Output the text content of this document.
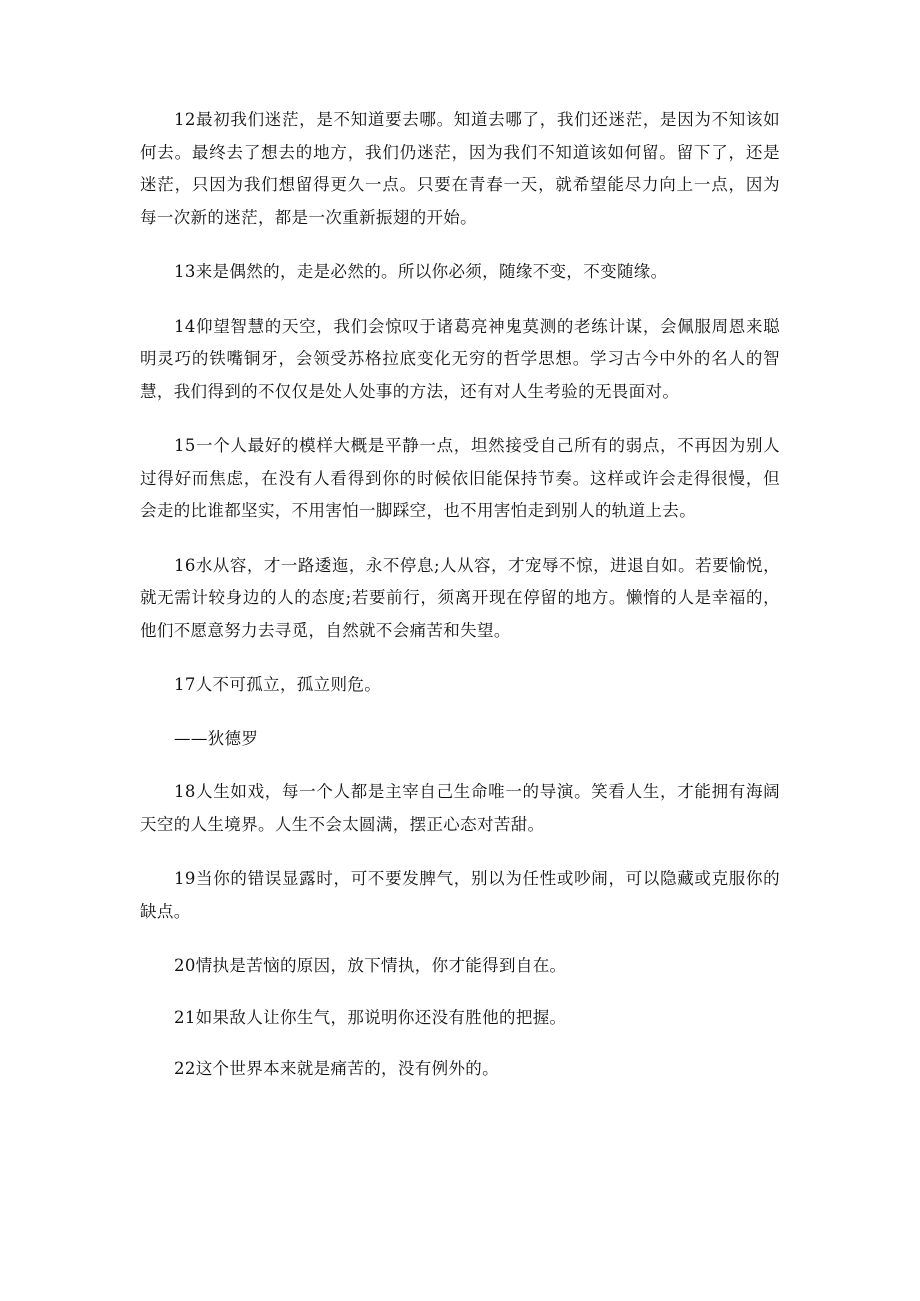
12最初我们迷茫，是不知道要去哪。知道去哪了，我们还迷茫，是因为不知该如何去。最终去了想去的地方，我们仍迷茫，因为我们不知道该如何留。留下了，还是迷茫，只因为我们想留得更久一点。只要在青春一天，就希望能尽力向上一点，因为每一次新的迷茫，都是一次重新振翅的开始。

13来是偶然的，走是必然的。所以你必须，随缘不变，不变随缘。

14仰望智慧的天空，我们会惊叹于诸葛亮神鬼莫测的老练计谋，会佩服周恩来聪明灵巧的铁嘴铜牙，会领受苏格拉底变化无穷的哲学思想。学习古今中外的名人的智慧，我们得到的不仅仅是处人处事的方法，还有对人生考验的无畏面对。

15一个人最好的模样大概是平静一点，坦然接受自己所有的弱点，不再因为别人过得好而焦虑，在没有人看得到你的时候依旧能保持节奏。这样或许会走得很慢，但会走的比谁都坚实，不用害怕一脚踩空，也不用害怕走到别人的轨道上去。

16水从容，才一路逶迤，永不停息;人从容，才宠辱不惊，进退自如。若要愉悦，就无需计较身边的人的态度;若要前行，须离开现在停留的地方。懒惰的人是幸福的，他们不愿意努力去寻觅，自然就不会痛苦和失望。

17人不可孤立，孤立则危。

——狄德罗

18人生如戏，每一个人都是主宰自己生命唯一的导演。笑看人生，才能拥有海阔天空的人生境界。人生不会太圆满，摆正心态对苦甜。

19当你的错误显露时，可不要发脾气，别以为任性或吵闹，可以隐藏或克服你的缺点。

20情执是苦恼的原因，放下情执，你才能得到自在。

21如果敌人让你生气，那说明你还没有胜他的把握。

22这个世界本来就是痛苦的，没有例外的。
